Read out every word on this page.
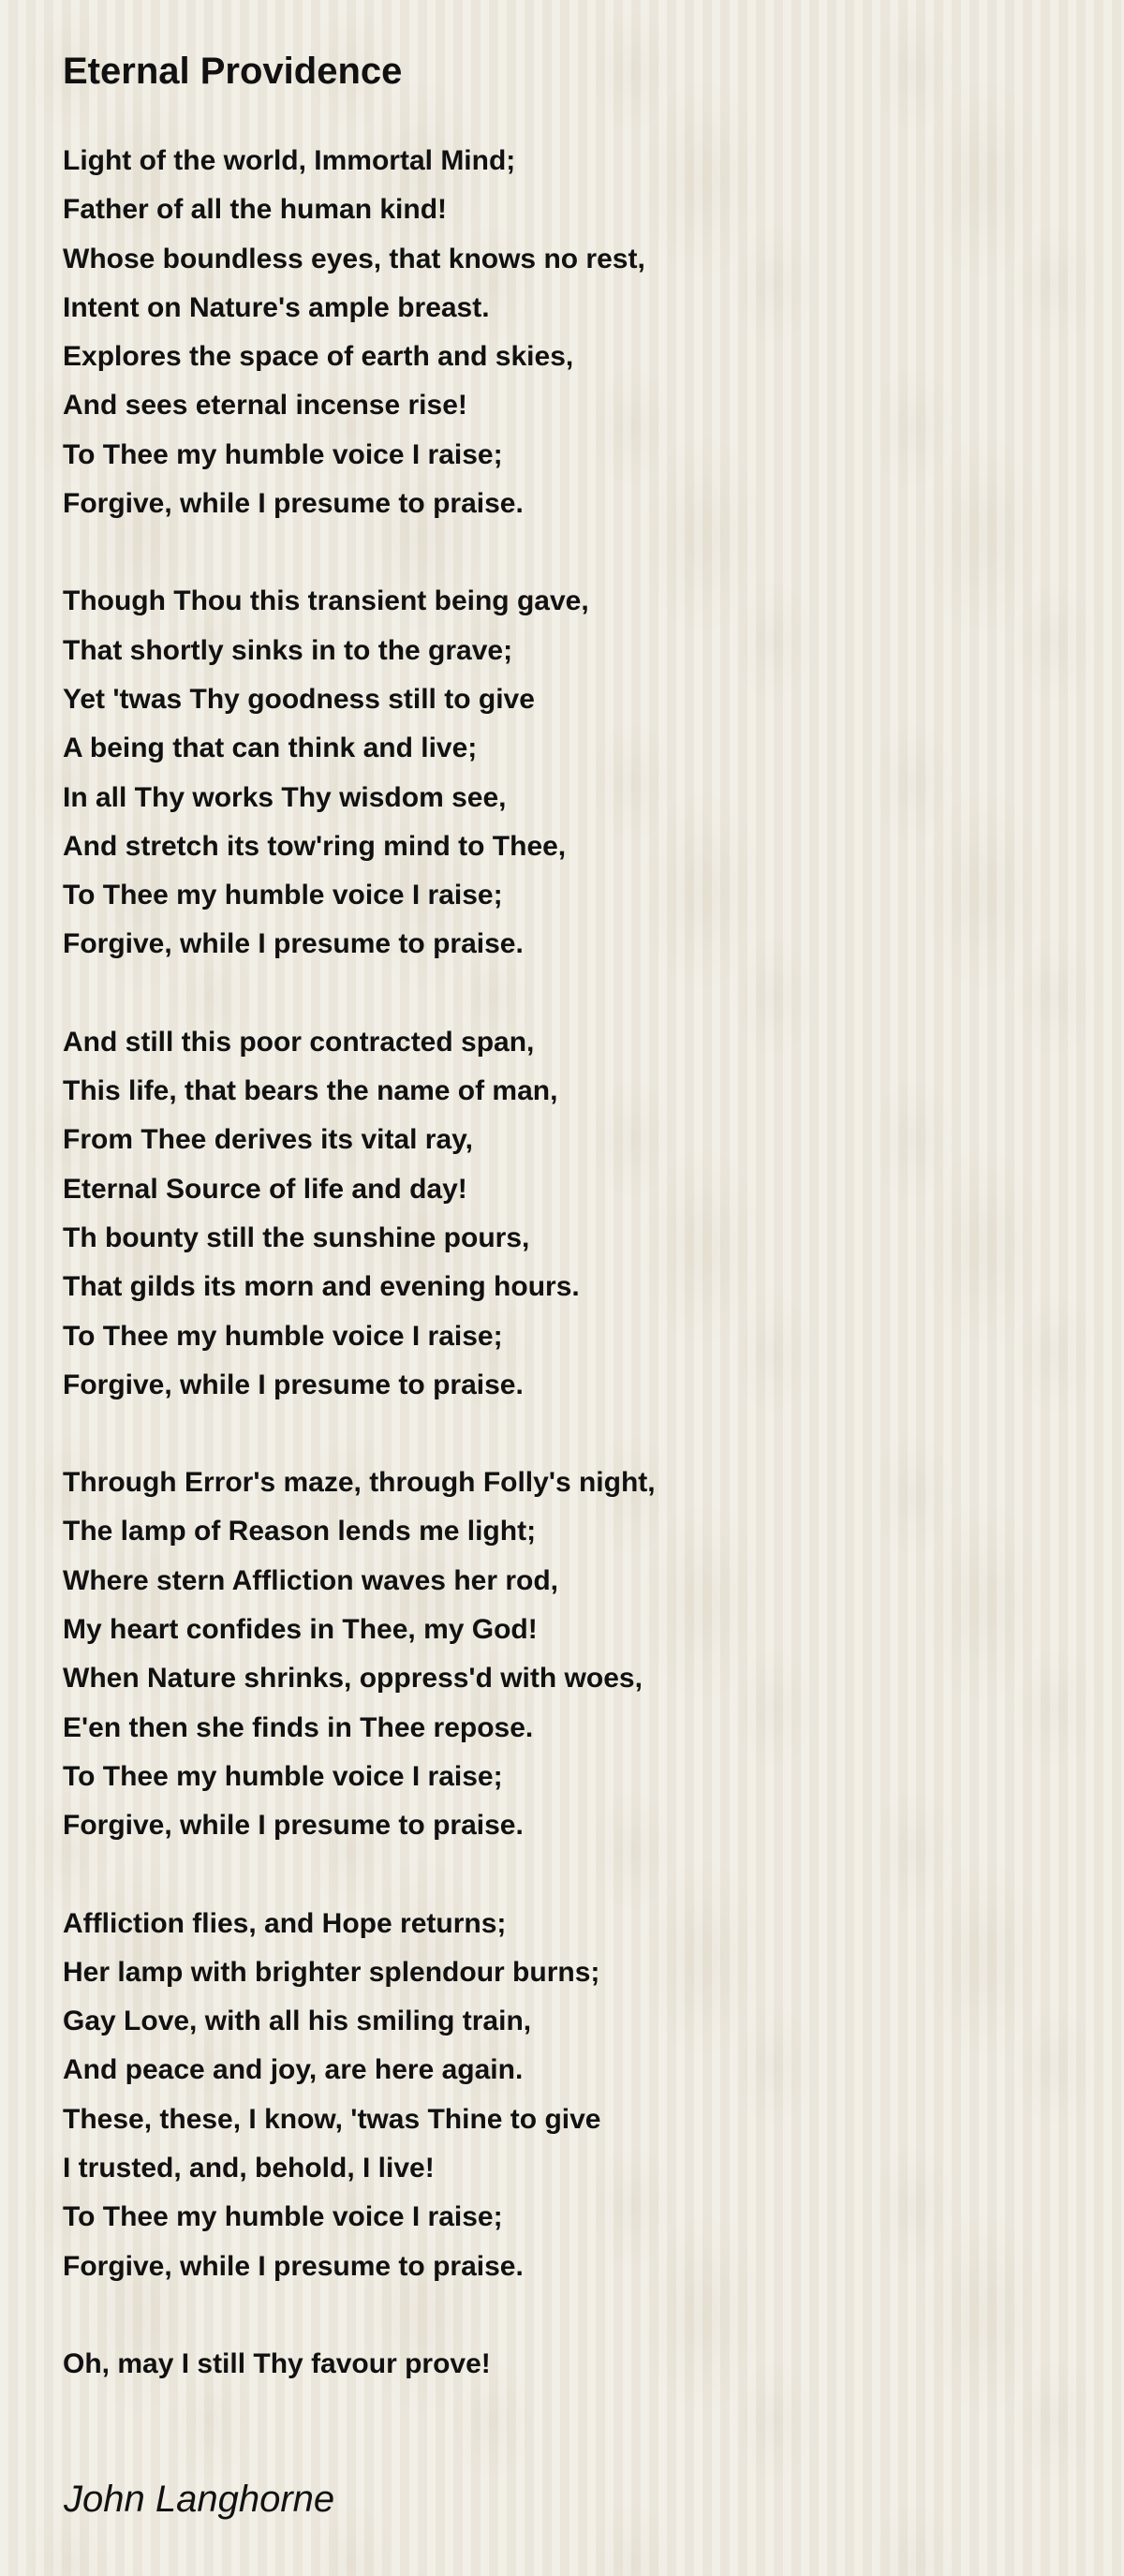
Eternal Providence
Light of the world, Immortal Mind;
Father of all the human kind!
Whose boundless eyes, that knows no rest,
Intent on Nature's ample breast.
Explores the space of earth and skies,
And sees eternal incense rise!
To Thee my humble voice I raise;
Forgive, while I presume to praise.
Though Thou this transient being gave,
That shortly sinks in to the grave;
Yet 'twas Thy goodness still to give
A being that can think and live;
In all Thy works Thy wisdom see,
And stretch its tow'ring mind to Thee,
To Thee my humble voice I raise;
Forgive, while I presume to praise.
And still this poor contracted span,
This life, that bears the name of man,
From Thee derives its vital ray,
Eternal Source of life and day!
Th bounty still the sunshine pours,
That gilds its morn and evening hours.
To Thee my humble voice I raise;
Forgive, while I presume to praise.
Through Error's maze, through Folly's night,
The lamp of Reason lends me light;
Where stern Affliction waves her rod,
My heart confides in Thee, my God!
When Nature shrinks, oppress'd with woes,
E'en then she finds in Thee repose.
To Thee my humble voice I raise;
Forgive, while I presume to praise.
Affliction flies, and Hope returns;
Her lamp with brighter splendour burns;
Gay Love, with all his smiling train,
And peace and joy, are here again.
These, these, I know, 'twas Thine to give
I trusted, and, behold, I live!
To Thee my humble voice I raise;
Forgive, while I presume to praise.
Oh, may I still Thy favour prove!
John Langhorne
